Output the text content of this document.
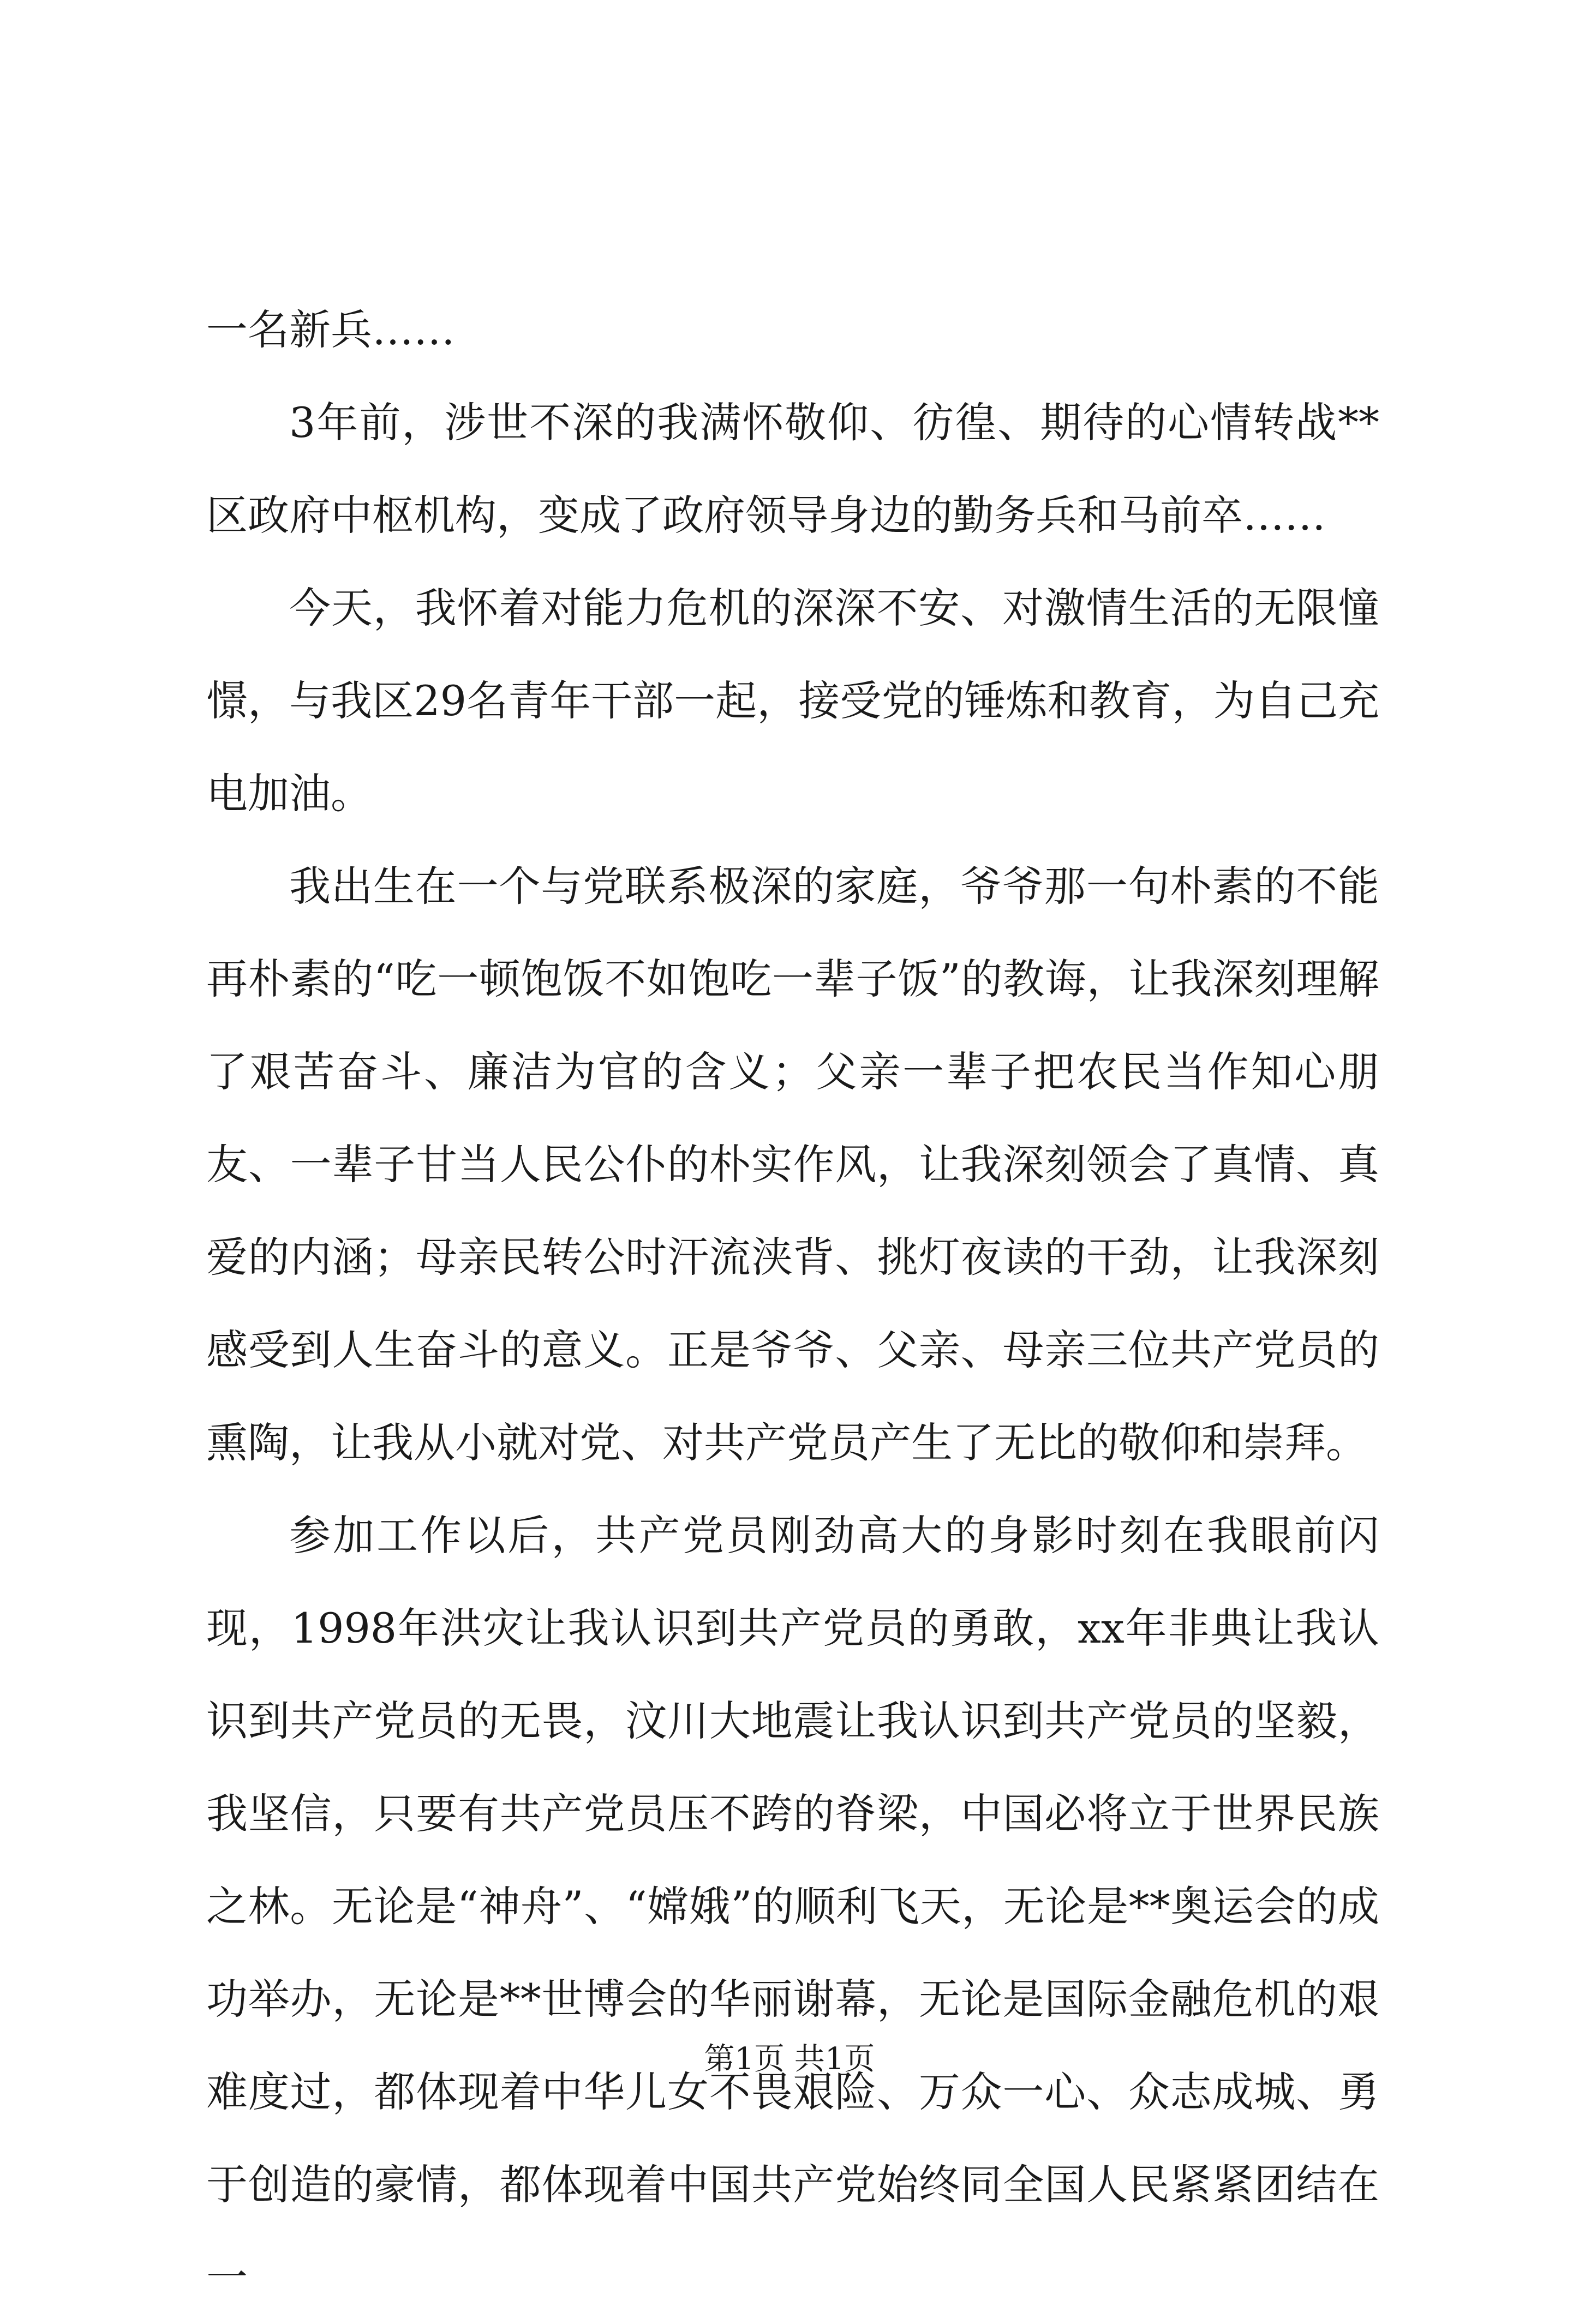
一名新兵……

3年前，涉世不深的我满怀敬仰、彷徨、期待的心情转战**区政府中枢机构，变成了政府领导身边的勤务兵和马前卒……

今天，我怀着对能力危机的深深不安、对激情生活的无限憧憬，与我区29名青年干部一起，接受党的锤炼和教育，为自己充电加油。

我出生在一个与党联系极深的家庭，爷爷那一句朴素的不能再朴素的“吃一顿饱饭不如饱吃一辈子饭”的教诲，让我深刻理解了艰苦奋斗、廉洁为官的含义；父亲一辈子把农民当作知心朋友、一辈子甘当人民公仆的朴实作风，让我深刻领会了真情、真爱的内涵；母亲民转公时汗流浃背、挑灯夜读的干劲，让我深刻感受到人生奋斗的意义。正是爷爷、父亲、母亲三位共产党员的熏陶，让我从小就对党、对共产党员产生了无比的敬仰和崇拜。

参加工作以后，共产党员刚劲高大的身影时刻在我眼前闪现，1998年洪灾让我认识到共产党员的勇敢，xx年非典让我认识到共产党员的无畏，汶川大地震让我认识到共产党员的坚毅，我坚信，只要有共产党员压不跨的脊梁，中国必将立于世界民族之林。无论是“神舟”、“嫦娥”的顺利飞天，无论是**奥运会的成功举办，无论是**世博会的华丽谢幕，无论是国际金融危机的艰难度过，都体现着中华儿女不畏艰险、万众一心、众志成城、勇于创造的豪情，都体现着中国共产党始终同全国人民紧紧团结在一

第1页 共1页
